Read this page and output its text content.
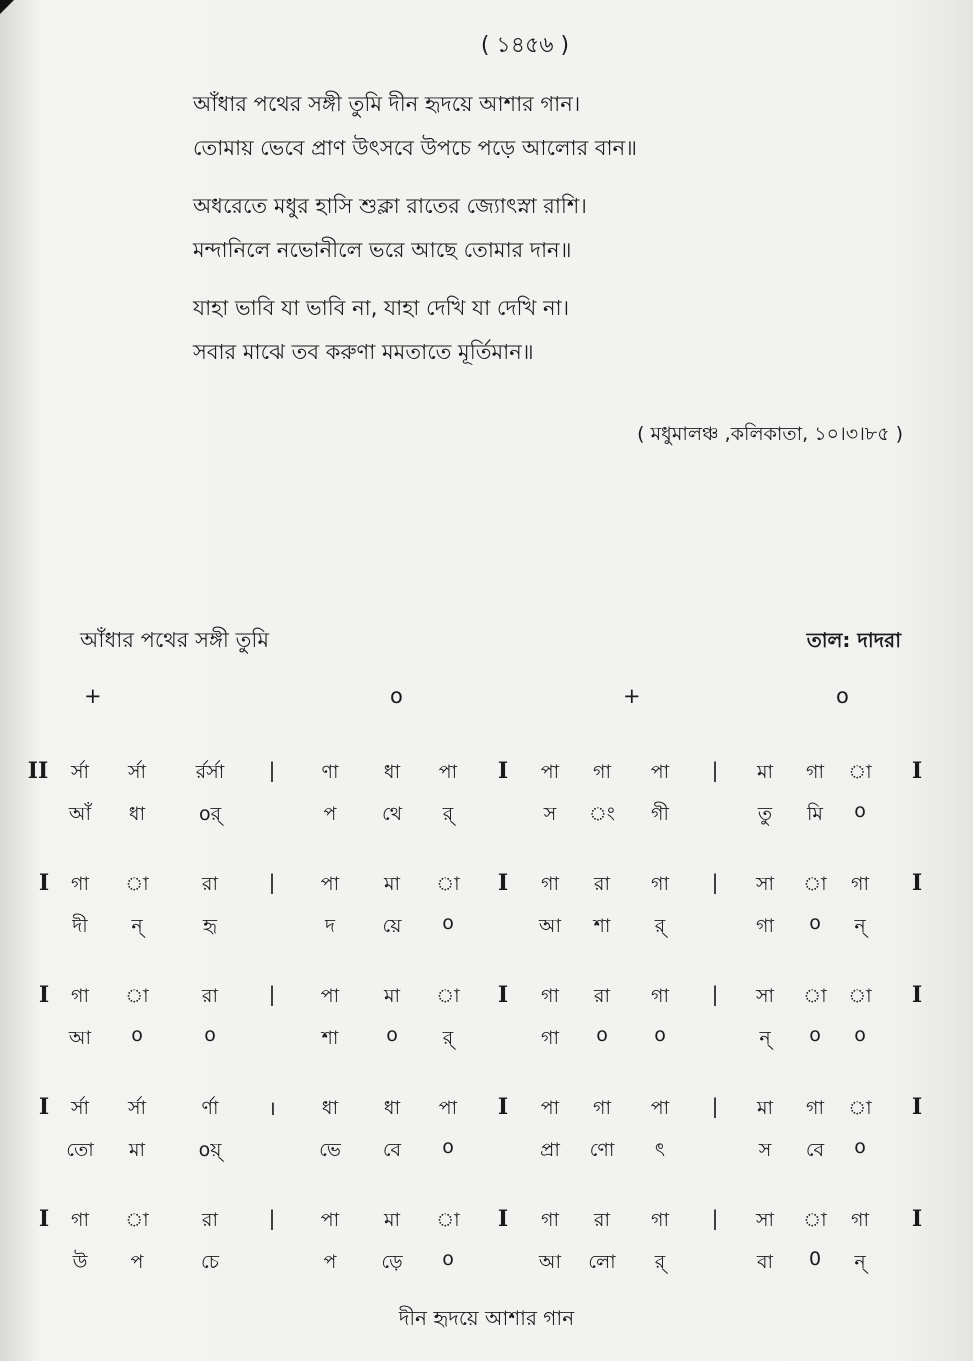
( ১৪৫৬ )
আঁধার পথের সঙ্গী তুমি দীন হৃদয়ে আশার গান।
তোমায় ভেবে প্রাণ উৎসবে উপচে পড়ে আলোর বান॥
অধরেতে মধুর হাসি শুক্লা রাতের জ্যোৎস্না রাশি।
মন্দানিলে নভোনীলে ভরে আছে তোমার দান॥
যাহা ভাবি যা ভাবি না, যাহা দেখি যা দেখি না।
সবার মাঝে তব করুণা মমতাতে মূর্তিমান॥
( মধুমালঞ্চ ,কলিকাতা, ১০।৩।৮৫ )
আঁধার পথের সঙ্গী তুমি	তাল: দাদরা
+	o	+	o
II র্সা র্সা	র্রর্সা | ণা ধা পা I পা গা পা | মা গা া I
আঁ ধা	oর্	প থে র্	স ং গী	তু মি o
I গা া	রা	| পা মা া I গা রা গা | সা া গা I
দী ন্	হৃ	দ	য়ে o	আ শা র্	গা o ন্
I গা া	রা	| পা মা া I গা রা গা | সা া া I
আ o	o	শা	o র্	গা o o	ন্ o o
I র্সা র্সা	র্ণা । ধা ধা পা I পা গা পা | মা গা া I
তো মা	oয়্	ভে বে o	প্রা ণো ৎ	স বে o
I গা া	রা	| পা মা া I গা রা গা | সা া গা I
উ প	চে	প ড়ে o	আ লো র্	বা 0 ন্
দীন হৃদয়ে আশার গান
